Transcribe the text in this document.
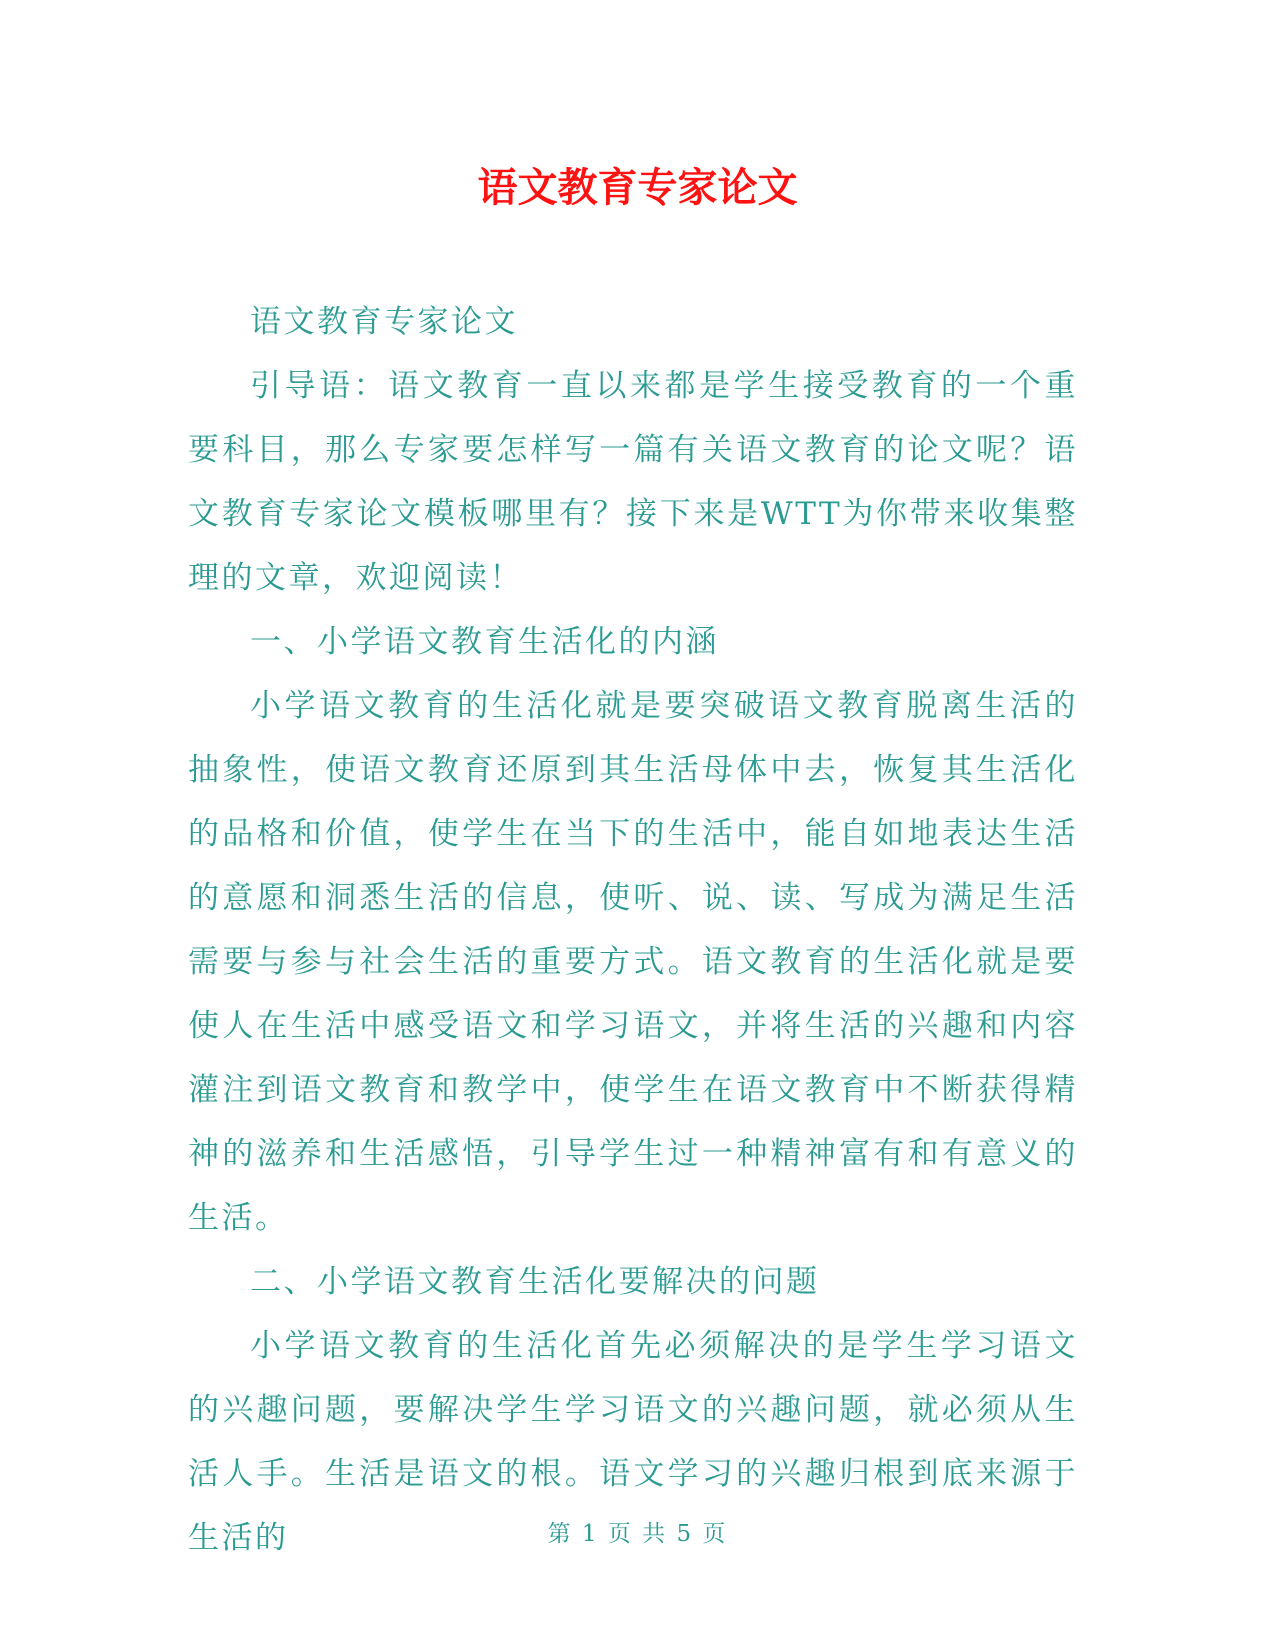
语文教育专家论文

语文教育专家论文

引导语：语文教育一直以来都是学生接受教育的一个重要科目，那么专家要怎样写一篇有关语文教育的论文呢？语文教育专家论文模板哪里有？接下来是WTT为你带来收集整理的文章，欢迎阅读！

一、小学语文教育生活化的内涵

小学语文教育的生活化就是要突破语文教育脱离生活的抽象性，使语文教育还原到其生活母体中去，恢复其生活化的品格和价值，使学生在当下的生活中，能自如地表达生活的意愿和洞悉生活的信息，使听、说、读、写成为满足生活需要与参与社会生活的重要方式。语文教育的生活化就是要使人在生活中感受语文和学习语文，并将生活的兴趣和内容灌注到语文教育和教学中，使学生在语文教育中不断获得精神的滋养和生活感悟，引导学生过一种精神富有和有意义的生活。

二、小学语文教育生活化要解决的问题

小学语文教育的生活化首先必须解决的是学生学习语文的兴趣问题，要解决学生学习语文的兴趣问题，就必须从生活人手。生活是语文的根。语文学习的兴趣归根到底来源于生活的	第 1 页 共 5 页
